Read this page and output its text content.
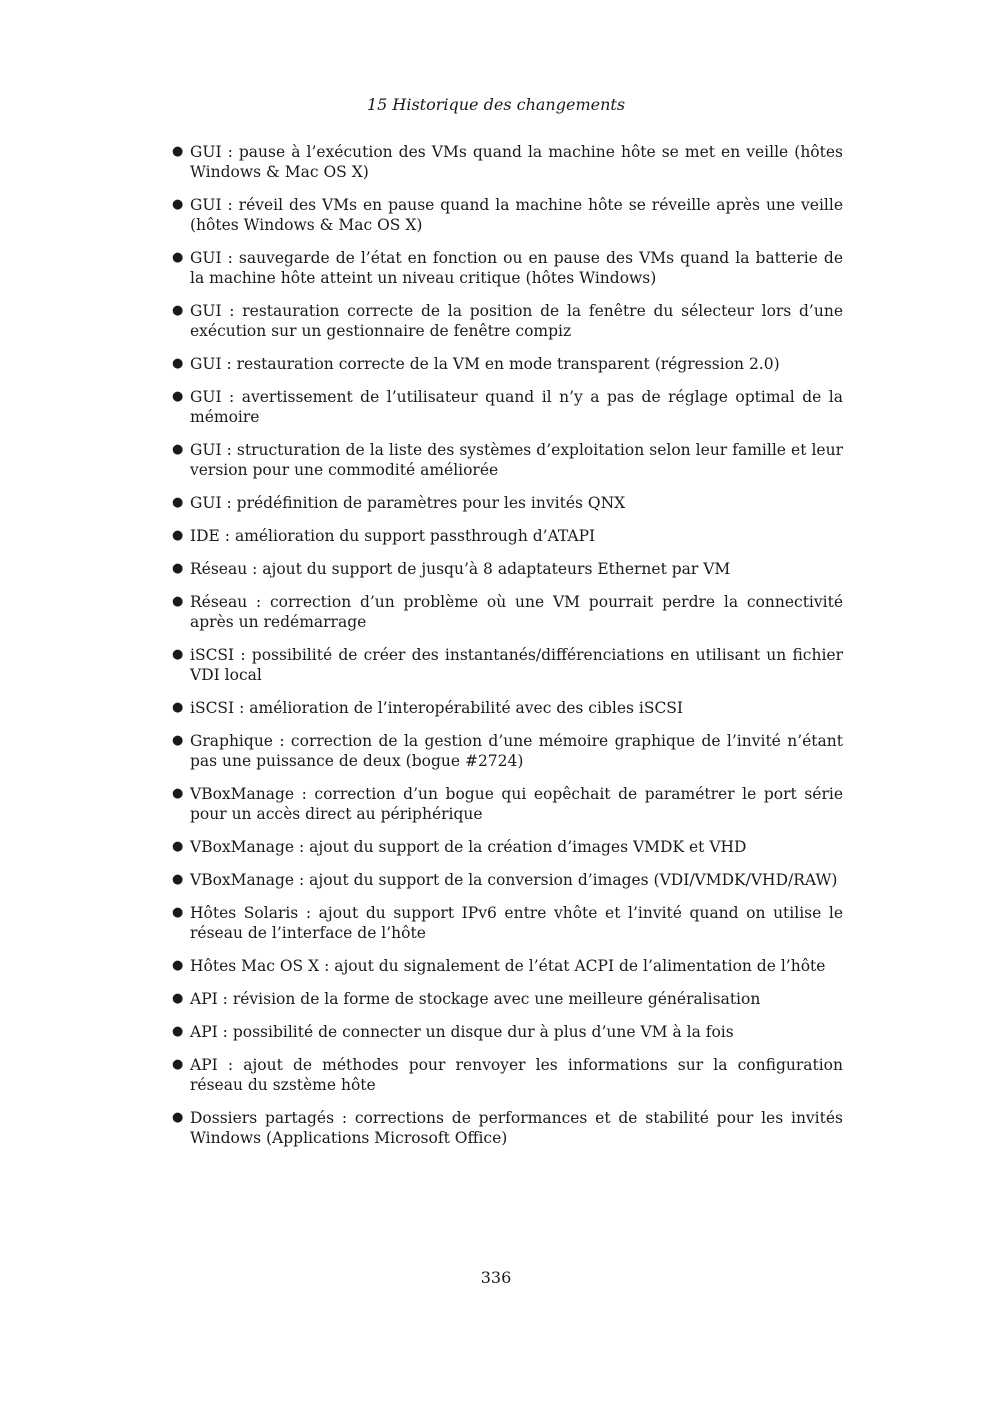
15 Historique des changements
● GUI : pause à l’exécution des VMs quand la machine hôte se met en veille (hôtes Windows & Mac OS X)
● GUI : réveil des VMs en pause quand la machine hôte se réveille après une veille (hôtes Windows & Mac OS X)
● GUI : sauvegarde de l’état en fonction ou en pause des VMs quand la batterie de la machine hôte atteint un niveau critique (hôtes Windows)
● GUI : restauration correcte de la position de la fenêtre du sélecteur lors d’une exécution sur un gestionnaire de fenêtre compiz
● GUI : restauration correcte de la VM en mode transparent (régression 2.0)
● GUI : avertissement de l’utilisateur quand il n’y a pas de réglage optimal de la mémoire
● GUI : structuration de la liste des systèmes d’exploitation selon leur famille et leur version pour une commodité améliorée
● GUI : prédéfinition de paramètres pour les invités QNX
● IDE : amélioration du support passthrough d’ATAPI
● Réseau : ajout du support de jusqu’à 8 adaptateurs Ethernet par VM
● Réseau : correction d’un problème où une VM pourrait perdre la connectivité après un redémarrage
● iSCSI : possibilité de créer des instantanés/différenciations en utilisant un fichier VDI local
● iSCSI : amélioration de l’interopérabilité avec des cibles iSCSI
● Graphique : correction de la gestion d’une mémoire graphique de l’invité n’étant pas une puissance de deux (bogue #2724)
● VBoxManage : correction d’un bogue qui eopêchait de paramétrer le port série pour un accès direct au périphérique
● VBoxManage : ajout du support de la création d’images VMDK et VHD
● VBoxManage : ajout du support de la conversion d’images (VDI/VMDK/VHD/RAW)
● Hôtes Solaris : ajout du support IPv6 entre vhôte et l’invité quand on utilise le réseau de l’interface de l’hôte
● Hôtes Mac OS X : ajout du signalement de l’état ACPI de l’alimentation de l’hôte
● API : révision de la forme de stockage avec une meilleure généralisation
● API : possibilité de connecter un disque dur à plus d’une VM à la fois
● API : ajout de méthodes pour renvoyer les informations sur la configuration réseau du szstème hôte
● Dossiers partagés : corrections de performances et de stabilité pour les invités Windows (Applications Microsoft Office)
336
